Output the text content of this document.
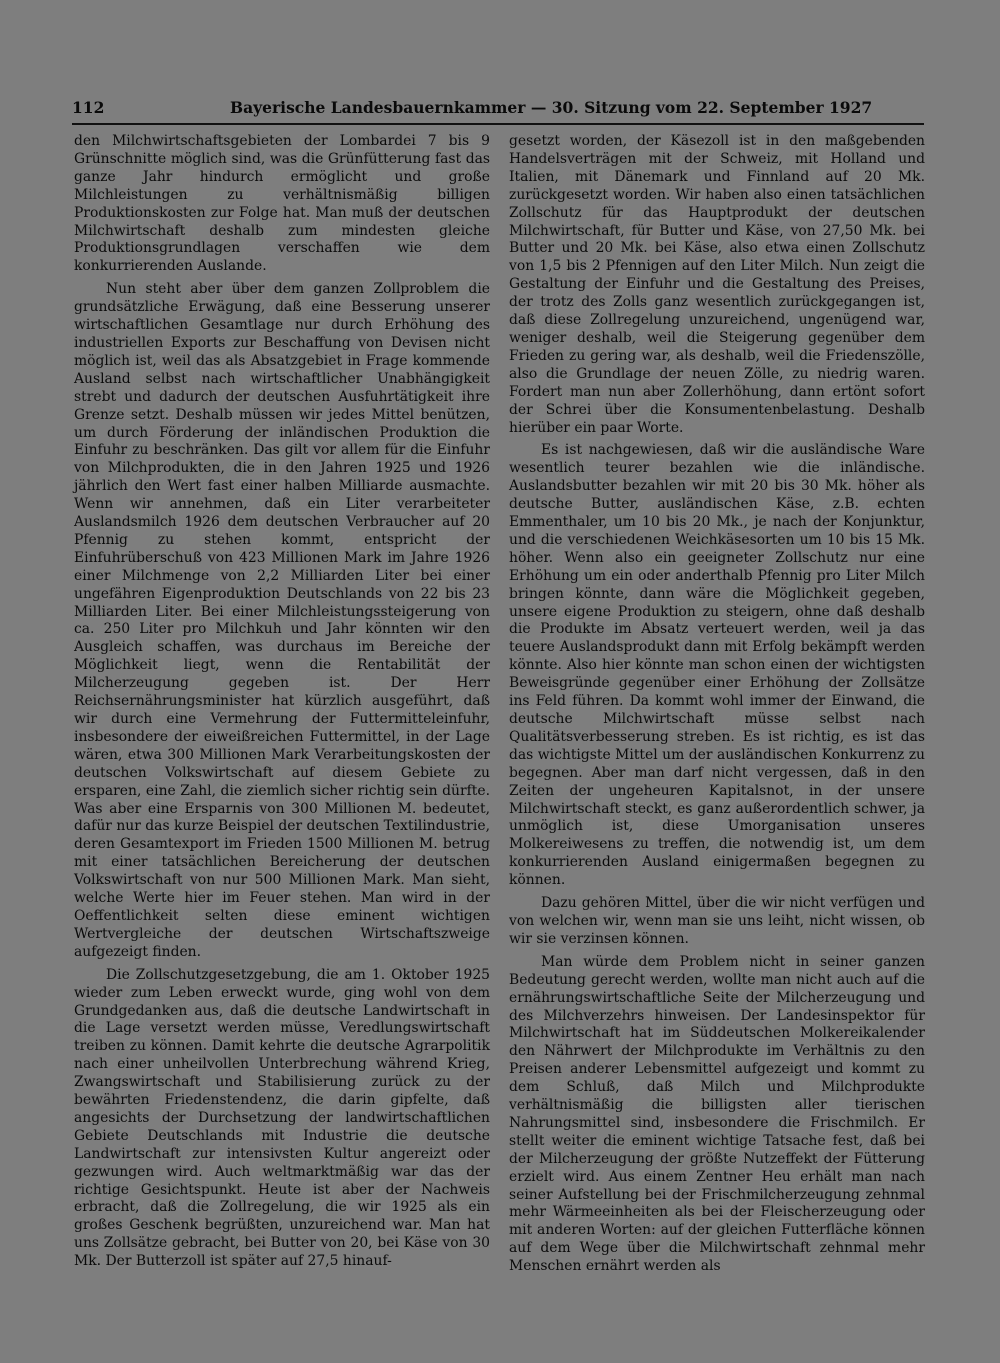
112	Bayerische Landesbauernkammer — 30. Sitzung vom 22. September 1927

den Milchwirtschaftsgebieten der Lombardei 7 bis 9 Grünschnitte möglich sind, was die Grünfütterung fast das ganze Jahr hindurch ermöglicht und große Milchleistungen zu verhältnismäßig billigen Produktionskosten zur Folge hat. Man muß der deutschen Milchwirtschaft deshalb zum mindesten gleiche Produktionsgrundlagen verschaffen wie dem konkurrierenden Auslande.

Nun steht aber über dem ganzen Zollproblem die grundsätzliche Erwägung, daß eine Besserung unserer wirtschaftlichen Gesamtlage nur durch Erhöhung des industriellen Exports zur Beschaffung von Devisen nicht möglich ist, weil das als Absatzgebiet in Frage kommende Ausland selbst nach wirtschaftlicher Unabhängigkeit strebt und dadurch der deutschen Ausfuhrtätigkeit ihre Grenze setzt. Deshalb müssen wir jedes Mittel benützen, um durch Förderung der inländischen Produktion die Einfuhr zu beschränken. Das gilt vor allem für die Einfuhr von Milchprodukten, die in den Jahren 1925 und 1926 jährlich den Wert fast einer halben Milliarde ausmachte. Wenn wir annehmen, daß ein Liter verarbeiteter Auslandsmilch 1926 dem deutschen Verbraucher auf 20 Pfennig zu stehen kommt, entspricht der Einfuhrüberschuß von 423 Millionen Mark im Jahre 1926 einer Milchmenge von 2,2 Milliarden Liter bei einer ungefähren Eigenproduktion Deutschlands von 22 bis 23 Milliarden Liter. Bei einer Milchleistungssteigerung von ca. 250 Liter pro Milchkuh und Jahr könnten wir den Ausgleich schaffen, was durchaus im Bereiche der Möglichkeit liegt, wenn die Rentabilität der Milcherzeugung gegeben ist. Der Herr Reichsernährungsminister hat kürzlich ausgeführt, daß wir durch eine Vermehrung der Futtermitteleinfuhr, insbesondere der eiweißreichen Futtermittel, in der Lage wären, etwa 300 Millionen Mark Verarbeitungskosten der deutschen Volkswirtschaft auf diesem Gebiete zu ersparen, eine Zahl, die ziemlich sicher richtig sein dürfte. Was aber eine Ersparnis von 300 Millionen M. bedeutet, dafür nur das kurze Beispiel der deutschen Textilindustrie, deren Gesamtexport im Frieden 1500 Millionen M. betrug mit einer tatsächlichen Bereicherung der deutschen Volkswirtschaft von nur 500 Millionen Mark. Man sieht, welche Werte hier im Feuer stehen. Man wird in der Oeffentlichkeit selten diese eminent wichtigen Wertvergleiche der deutschen Wirtschaftszweige aufgezeigt finden.

Die Zollschutzgesetzgebung, die am 1. Oktober 1925 wieder zum Leben erweckt wurde, ging wohl von dem Grundgedanken aus, daß die deutsche Landwirtschaft in die Lage versetzt werden müsse, Veredlungswirtschaft treiben zu können. Damit kehrte die deutsche Agrarpolitik nach einer unheilvollen Unterbrechung während Krieg, Zwangswirtschaft und Stabilisierung zurück zu der bewährten Friedenstendenz, die darin gipfelte, daß angesichts der Durchsetzung der landwirtschaftlichen Gebiete Deutschlands mit Industrie die deutsche Landwirtschaft zur intensivsten Kultur angereizt oder gezwungen wird. Auch weltmarktmäßig war das der richtige Gesichtspunkt. Heute ist aber der Nachweis erbracht, daß die Zollregelung, die wir 1925 als ein großes Geschenk begrüßten, unzureichend war. Man hat uns Zollsätze gebracht, bei Butter von 20, bei Käse von 30 Mk. Der Butterzoll ist später auf 27,5 hinauf-

gesetzt worden, der Käsezoll ist in den maßgebenden Handelsverträgen mit der Schweiz, mit Holland und Italien, mit Dänemark und Finnland auf 20 Mk. zurückgesetzt worden. Wir haben also einen tatsächlichen Zollschutz für das Hauptprodukt der deutschen Milchwirtschaft, für Butter und Käse, von 27,50 Mk. bei Butter und 20 Mk. bei Käse, also etwa einen Zollschutz von 1,5 bis 2 Pfennigen auf den Liter Milch. Nun zeigt die Gestaltung der Einfuhr und die Gestaltung des Preises, der trotz des Zolls ganz wesentlich zurückgegangen ist, daß diese Zollregelung unzureichend, ungenügend war, weniger deshalb, weil die Steigerung gegenüber dem Frieden zu gering war, als deshalb, weil die Friedenszölle, also die Grundlage der neuen Zölle, zu niedrig waren. Fordert man nun aber Zollerhöhung, dann ertönt sofort der Schrei über die Konsumentenbelastung. Deshalb hierüber ein paar Worte.

Es ist nachgewiesen, daß wir die ausländische Ware wesentlich teurer bezahlen wie die inländische. Auslandsbutter bezahlen wir mit 20 bis 30 Mk. höher als deutsche Butter, ausländischen Käse, z.B. echten Emmenthaler, um 10 bis 20 Mk., je nach der Konjunktur, und die verschiedenen Weichkäsesorten um 10 bis 15 Mk. höher. Wenn also ein geeigneter Zollschutz nur eine Erhöhung um ein oder anderthalb Pfennig pro Liter Milch bringen könnte, dann wäre die Möglichkeit gegeben, unsere eigene Produktion zu steigern, ohne daß deshalb die Produkte im Absatz verteuert werden, weil ja das teuere Auslandsprodukt dann mit Erfolg bekämpft werden könnte. Also hier könnte man schon einen der wichtigsten Beweisgründe gegenüber einer Erhöhung der Zollsätze ins Feld führen. Da kommt wohl immer der Einwand, die deutsche Milchwirtschaft müsse selbst nach Qualitätsverbesserung streben. Es ist richtig, es ist das das wichtigste Mittel um der ausländischen Konkurrenz zu begegnen. Aber man darf nicht vergessen, daß in den Zeiten der ungeheuren Kapitalsnot, in der unsere Milchwirtschaft steckt, es ganz außerordentlich schwer, ja unmöglich ist, diese Umorganisation unseres Molkereiwesens zu treffen, die notwendig ist, um dem konkurrierenden Ausland einigermaßen begegnen zu können.

Dazu gehören Mittel, über die wir nicht verfügen und von welchen wir, wenn man sie uns leiht, nicht wissen, ob wir sie verzinsen können.

Man würde dem Problem nicht in seiner ganzen Bedeutung gerecht werden, wollte man nicht auch auf die ernährungswirtschaftliche Seite der Milcherzeugung und des Milchverzehrs hinweisen. Der Landesinspektor für Milchwirtschaft hat im Süddeutschen Molkereikalender den Nährwert der Milchprodukte im Verhältnis zu den Preisen anderer Lebensmittel aufgezeigt und kommt zu dem Schluß, daß Milch und Milchprodukte verhältnismäßig die billigsten aller tierischen Nahrungsmittel sind, insbesondere die Frischmilch. Er stellt weiter die eminent wichtige Tatsache fest, daß bei der Milcherzeugung der größte Nutzeffekt der Fütterung erzielt wird. Aus einem Zentner Heu erhält man nach seiner Aufstellung bei der Frischmilcherzeugung zehnmal mehr Wärmeeinheiten als bei der Fleischerzeugung oder mit anderen Worten: auf der gleichen Futterfläche können auf dem Wege über die Milchwirtschaft zehnmal mehr Menschen ernährt werden als
